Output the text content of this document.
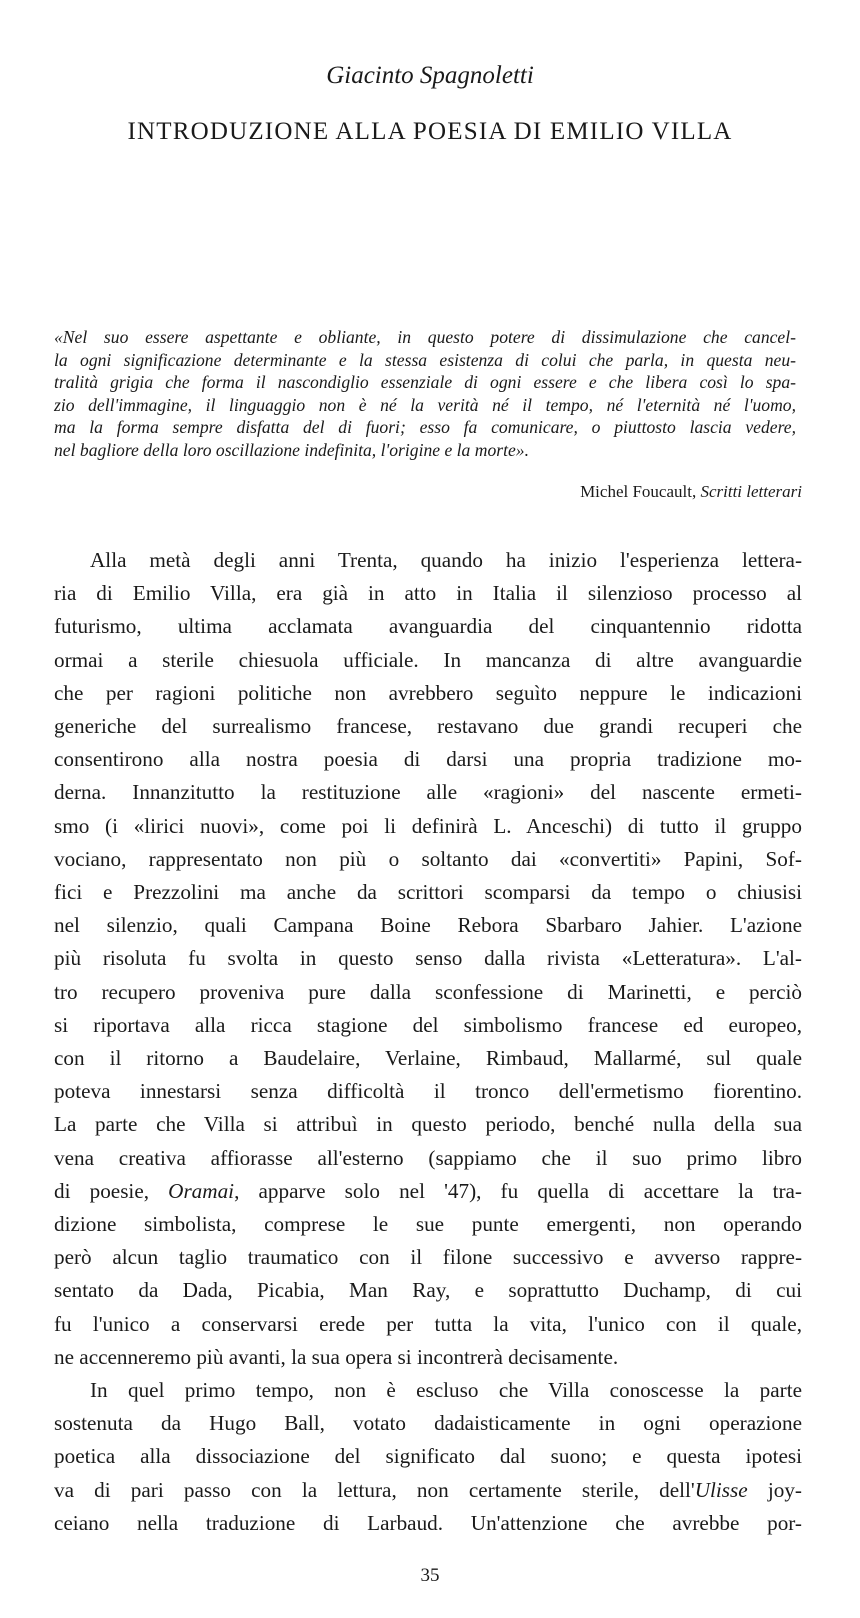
Giacinto Spagnoletti
INTRODUZIONE ALLA POESIA DI EMILIO VILLA
«Nel suo essere aspettante e obliante, in questo potere di dissimulazione che cancel-
la ogni significazione determinante e la stessa esistenza di colui che parla, in questa neu-
tralità grigia che forma il nascondiglio essenziale di ogni essere e che libera così lo spa-
zio dell'immagine, il linguaggio non è né la verità né il tempo, né l'eternità né l'uomo,
ma la forma sempre disfatta del di fuori; esso fa comunicare, o piuttosto lascia vedere,
nel bagliore della loro oscillazione indefinita, l'origine e la morte».
Michel Foucault, Scritti letterari
Alla metà degli anni Trenta, quando ha inizio l'esperienza lettera-
ria di Emilio Villa, era già in atto in Italia il silenzioso processo al
futurismo, ultima acclamata avanguardia del cinquantennio ridotta
ormai a sterile chiesuola ufficiale. In mancanza di altre avanguardie
che per ragioni politiche non avrebbero seguìto neppure le indicazioni
generiche del surrealismo francese, restavano due grandi recuperi che
consentirono alla nostra poesia di darsi una propria tradizione mo-
derna. Innanzitutto la restituzione alle «ragioni» del nascente ermeti-
smo (i «lirici nuovi», come poi li definirà L. Anceschi) di tutto il gruppo
vociano, rappresentato non più o soltanto dai «convertiti» Papini, Sof-
fici e Prezzolini ma anche da scrittori scomparsi da tempo o chiusisi
nel silenzio, quali Campana Boine Rebora Sbarbaro Jahier. L'azione
più risoluta fu svolta in questo senso dalla rivista «Letteratura». L'al-
tro recupero proveniva pure dalla sconfessione di Marinetti, e perciò
si riportava alla ricca stagione del simbolismo francese ed europeo,
con il ritorno a Baudelaire, Verlaine, Rimbaud, Mallarmé, sul quale
poteva innestarsi senza difficoltà il tronco dell'ermetismo fiorentino.
La parte che Villa si attribuì in questo periodo, benché nulla della sua
vena creativa affiorasse all'esterno (sappiamo che il suo primo libro
di poesie, Oramai, apparve solo nel '47), fu quella di accettare la tra-
dizione simbolista, comprese le sue punte emergenti, non operando
però alcun taglio traumatico con il filone successivo e avverso rappre-
sentato da Dada, Picabia, Man Ray, e soprattutto Duchamp, di cui
fu l'unico a conservarsi erede per tutta la vita, l'unico con il quale,
ne accenneremo più avanti, la sua opera si incontrerà decisamente.
In quel primo tempo, non è escluso che Villa conoscesse la parte
sostenuta da Hugo Ball, votato dadaisticamente in ogni operazione
poetica alla dissociazione del significato dal suono; e questa ipotesi
va di pari passo con la lettura, non certamente sterile, dell'Ulisse joy-
ceiano nella traduzione di Larbaud. Un'attenzione che avrebbe por-
35
